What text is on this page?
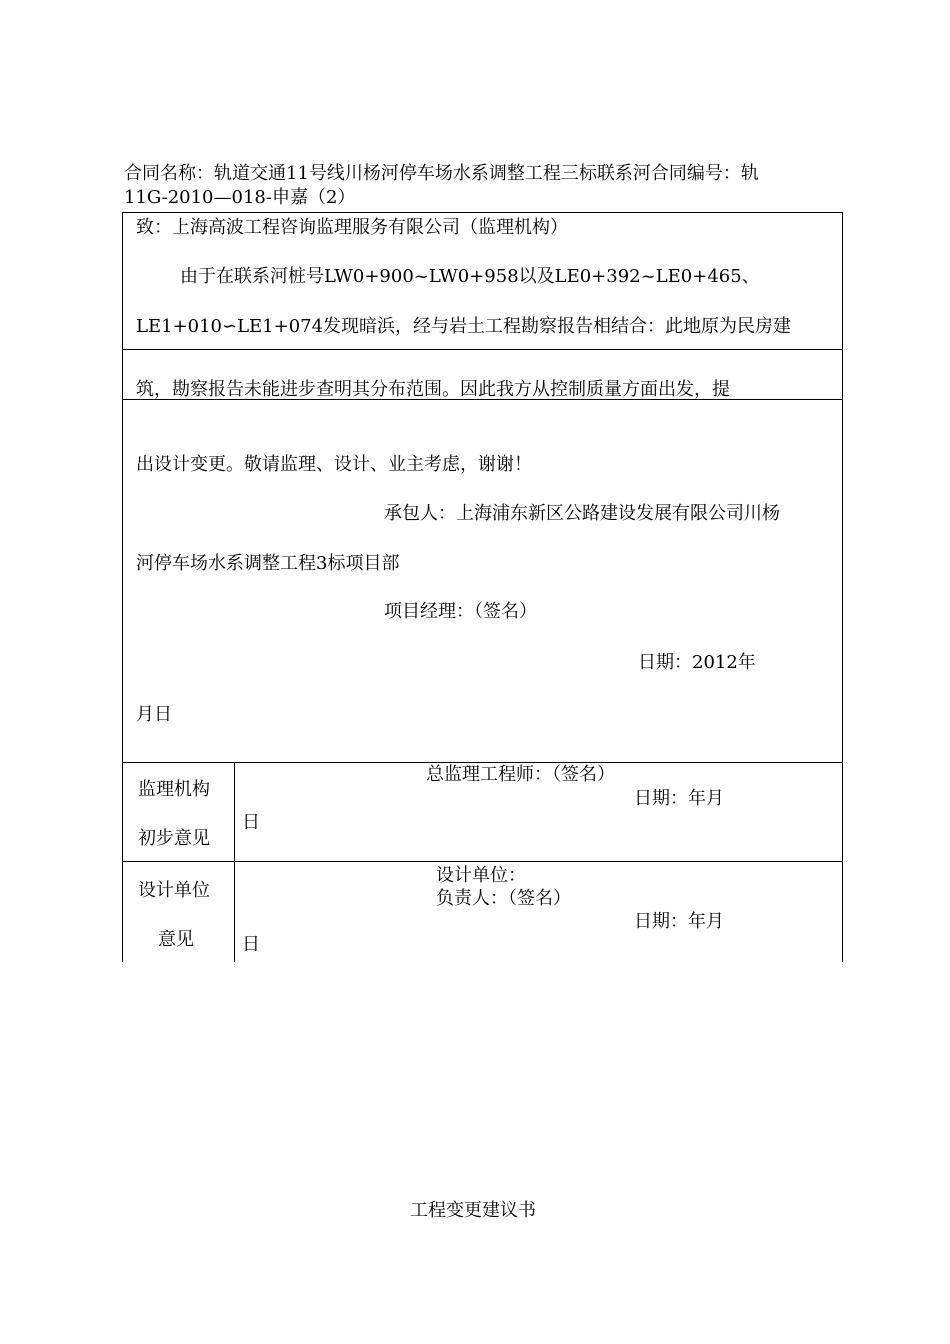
合同名称：轨道交通11号线川杨河停车场水系调整工程三标联系河合同编号：轨
11G-2010—018-申嘉（2）
致：上海高波工程咨询监理服务有限公司（监理机构）
由于在联系河桩号LW0+900~LW0+958以及LE0+392~LE0+465、
LE1+010∽LE1+074发现暗浜，经与岩土工程勘察报告相结合：此地原为民房建
筑，勘察报告未能进步查明其分布范围。因此我方从控制质量方面出发，提
出设计变更。敬请监理、设计、业主考虑，谢谢！
承包人：上海浦东新区公路建设发展有限公司川杨
河停车场水系调整工程3标项目部
项目经理：（签名）
日期：2012年
月日
监理机构
初步意见
总监理工程师：（签名）
日期：年月
日
设计单位
意见
设计单位：
负责人：（签名）
日期：年月
日
工程变更建议书
